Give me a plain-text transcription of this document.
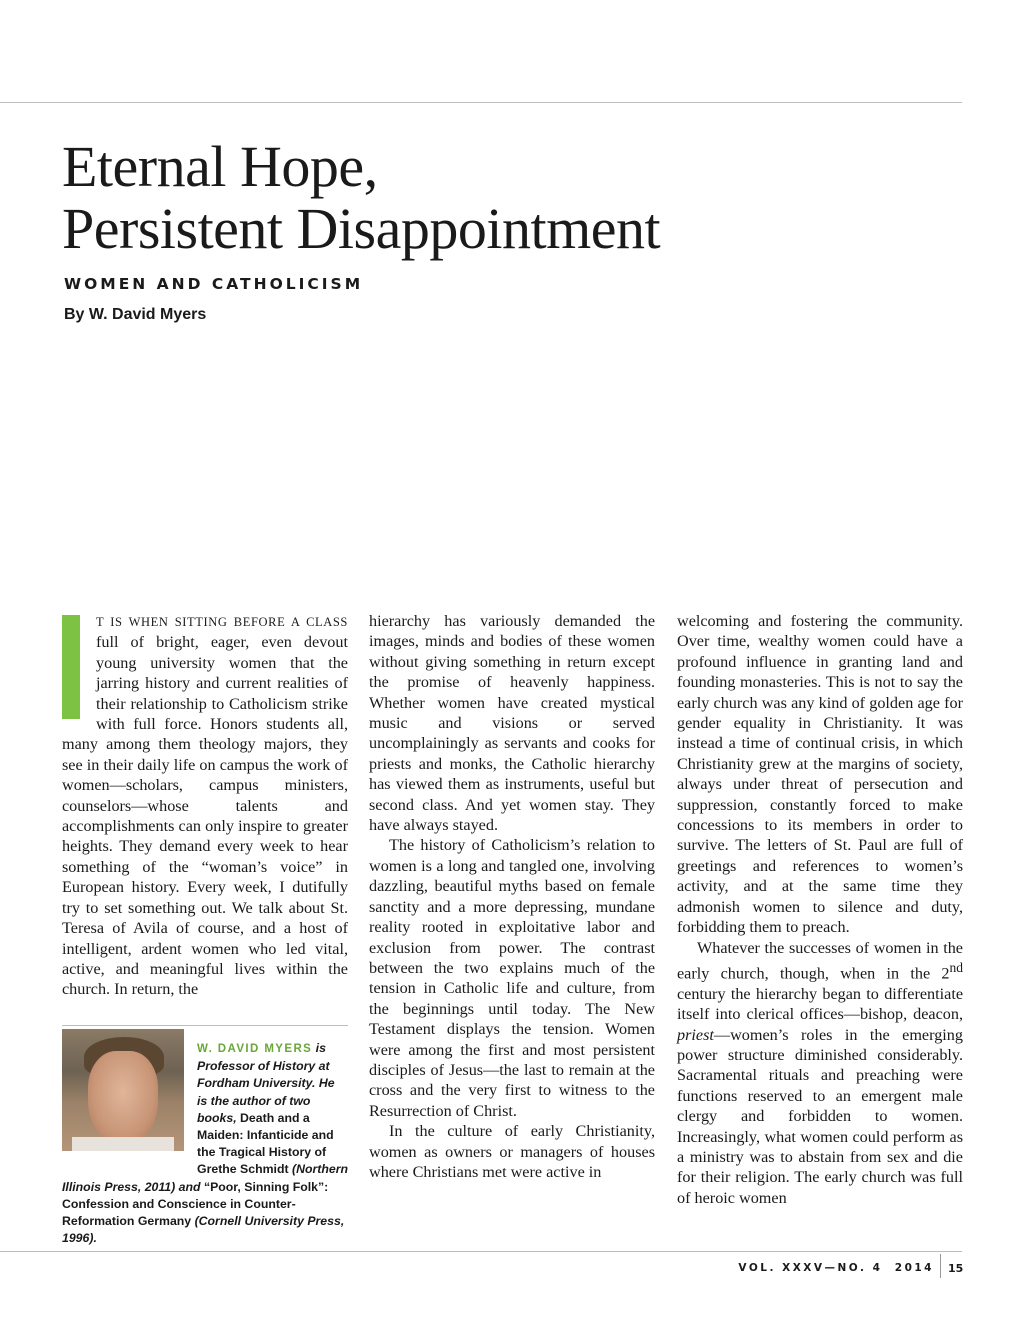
Eternal Hope,
Persistent Disappointment
WOMEN AND CATHOLICISM
By W. David Myers

T IS WHEN SITTING BEFORE A CLASS full of bright, eager, even devout young university women that the jarring history and current realities of their relationship to Catholicism strike with full force. Honors students all, many among them theology majors, they see in their daily life on campus the work of women—scholars, campus ministers, counselors—whose talents and accomplishments can only inspire to greater heights. They demand every week to hear something of the “woman’s voice” in European history. Every week, I dutifully try to set something out. We talk about St. Teresa of Avila of course, and a host of intelligent, ardent women who led vital, active, and meaningful lives within the church. In return, the

hierarchy has variously demanded the images, minds and bodies of these women without giving something in return except the promise of heavenly happiness. Whether women have created mystical music and visions or served uncomplainingly as servants and cooks for priests and monks, the Catholic hierarchy has viewed them as instruments, useful but second class. And yet women stay. They have always stayed.

The history of Catholicism’s relation to women is a long and tangled one, involving dazzling, beautiful myths based on female sanctity and a more depressing, mundane reality rooted in exploitative labor and exclusion from power. The contrast between the two explains much of the tension in Catholic life and culture, from the beginnings until today. The New Testament displays the tension. Women were among the first and most persistent disciples of Jesus—the last to remain at the cross and the very first to witness to the Resurrection of Christ.

In the culture of early Christianity, women as owners or managers of houses where Christians met were active in

welcoming and fostering the community. Over time, wealthy women could have a profound influence in granting land and founding monasteries. This is not to say the early church was any kind of golden age for gender equality in Christianity. It was instead a time of continual crisis, in which Christianity grew at the margins of society, always under threat of persecution and suppression, constantly forced to make concessions to its members in order to survive. The letters of St. Paul are full of greetings and references to women’s activity, and at the same time they admonish women to silence and duty, forbidding them to preach.

Whatever the successes of women in the early church, though, when in the 2nd century the hierarchy began to differentiate itself into clerical offices—bishop, deacon, priest—women’s roles in the emerging power structure diminished considerably. Sacramental rituals and preaching were functions reserved to an emergent male clergy and forbidden to women. Increasingly, what women could perform as a ministry was to abstain from sex and die for their religion. The early church was full of heroic women

W. DAVID MYERS is Professor of History at Fordham University. He is the author of two books, Death and a Maiden: Infanticide and the Tragical History of Grethe Schmidt (Northern Illinois Press, 2011) and “Poor, Sinning Folk”: Confession and Conscience in Counter-Reformation Germany (Cornell University Press, 1996).
VOL. XXXV—NO. 4  2014 15
